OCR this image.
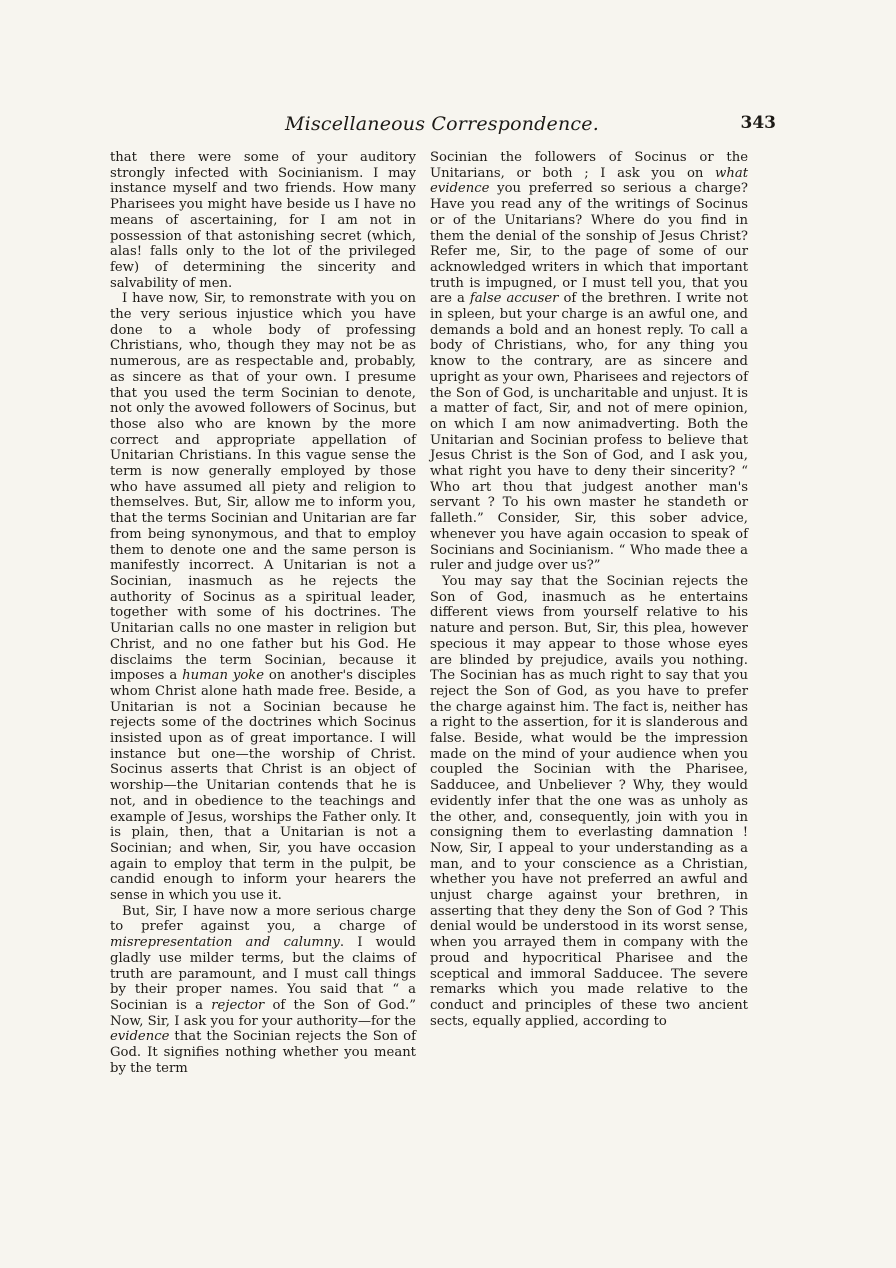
Miscellaneous Correspondence.	343

that there were some of your auditory strongly infected with Socinianism. I may instance myself and two friends. How many Pharisees you might have beside us I have no means of ascertaining, for I am not in possession of that astonishing secret (which, alas! falls only to the lot of the privileged few) of determining the sincerity and salvability of men.

I have now, Sir, to remonstrate with you on the very serious injustice which you have done to a whole body of professing Christians, who, though they may not be as numerous, are as respectable and, probably, as sincere as that of your own. I presume that you used the term Socinian to denote, not only the avowed followers of Socinus, but those also who are known by the more correct and appropriate appellation of Unitarian Christians. In this vague sense the term is now generally employed by those who have assumed all piety and religion to themselves. But, Sir, allow me to inform you, that the terms Socinian and Unitarian are far from being synonymous, and that to employ them to denote one and the same person is manifestly incorrect. A Unitarian is not a Socinian, inasmuch as he rejects the authority of Socinus as a spiritual leader, together with some of his doctrines. The Unitarian calls no one master in religion but Christ, and no one father but his God. He disclaims the term Socinian, because it imposes a human yoke on another's disciples whom Christ alone hath made free. Beside, a Unitarian is not a Socinian because he rejects some of the doctrines which Socinus insisted upon as of great importance. I will instance but one—the worship of Christ. Socinus asserts that Christ is an object of worship—the Unitarian contends that he is not, and in obedience to the teachings and example of Jesus, worships the Father only. It is plain, then, that a Unitarian is not a Socinian; and when, Sir, you have occasion again to employ that term in the pulpit, be candid enough to inform your hearers the sense in which you use it.

But, Sir, I have now a more serious charge to prefer against you, a charge of misrepresentation and calumny. I would gladly use milder terms, but the claims of truth are paramount, and I must call things by their proper names. You said that “ a Socinian is a rejector of the Son of God.” Now, Sir, I ask you for your authority—for the evidence that the Socinian rejects the Son of God. It signifies nothing whether you meant by the term

Socinian the followers of Socinus or the Unitarians, or both ; I ask you on what evidence you preferred so serious a charge? Have you read any of the writings of Socinus or of the Unitarians? Where do you find in them the denial of the sonship of Jesus Christ? Refer me, Sir, to the page of some of our acknowledged writers in which that important truth is impugned, or I must tell you, that you are a false accuser of the brethren. I write not in spleen, but your charge is an awful one, and demands a bold and an honest reply. To call a body of Christians, who, for any thing you know to the contrary, are as sincere and upright as your own, Pharisees and rejectors of the Son of God, is uncharitable and unjust. It is a matter of fact, Sir, and not of mere opinion, on which I am now animadverting. Both the Unitarian and Socinian profess to believe that Jesus Christ is the Son of God, and I ask you, what right you have to deny their sincerity? “ Who art thou that judgest another man's servant ? To his own master he standeth or falleth.” Consider, Sir, this sober advice, whenever you have again occasion to speak of Socinians and Socinianism. “ Who made thee a ruler and judge over us?”

You may say that the Socinian rejects the Son of God, inasmuch as he entertains different views from yourself relative to his nature and person. But, Sir, this plea, however specious it may appear to those whose eyes are blinded by prejudice, avails you nothing. The Socinian has as much right to say that you reject the Son of God, as you have to prefer the charge against him. The fact is, neither has a right to the assertion, for it is slanderous and false. Beside, what would be the impression made on the mind of your audience when you coupled the Socinian with the Pharisee, Sadducee, and Unbeliever ? Why, they would evidently infer that the one was as unholy as the other, and, consequently, join with you in consigning them to everlasting damnation ! Now, Sir, I appeal to your understanding as a man, and to your conscience as a Christian, whether you have not preferred an awful and unjust charge against your brethren, in asserting that they deny the Son of God ? This denial would be understood in its worst sense, when you arrayed them in company with the proud and hypocritical Pharisee and the sceptical and immoral Sadducee. The severe remarks which you made relative to the conduct and principles of these two ancient sects, equally applied, according to
